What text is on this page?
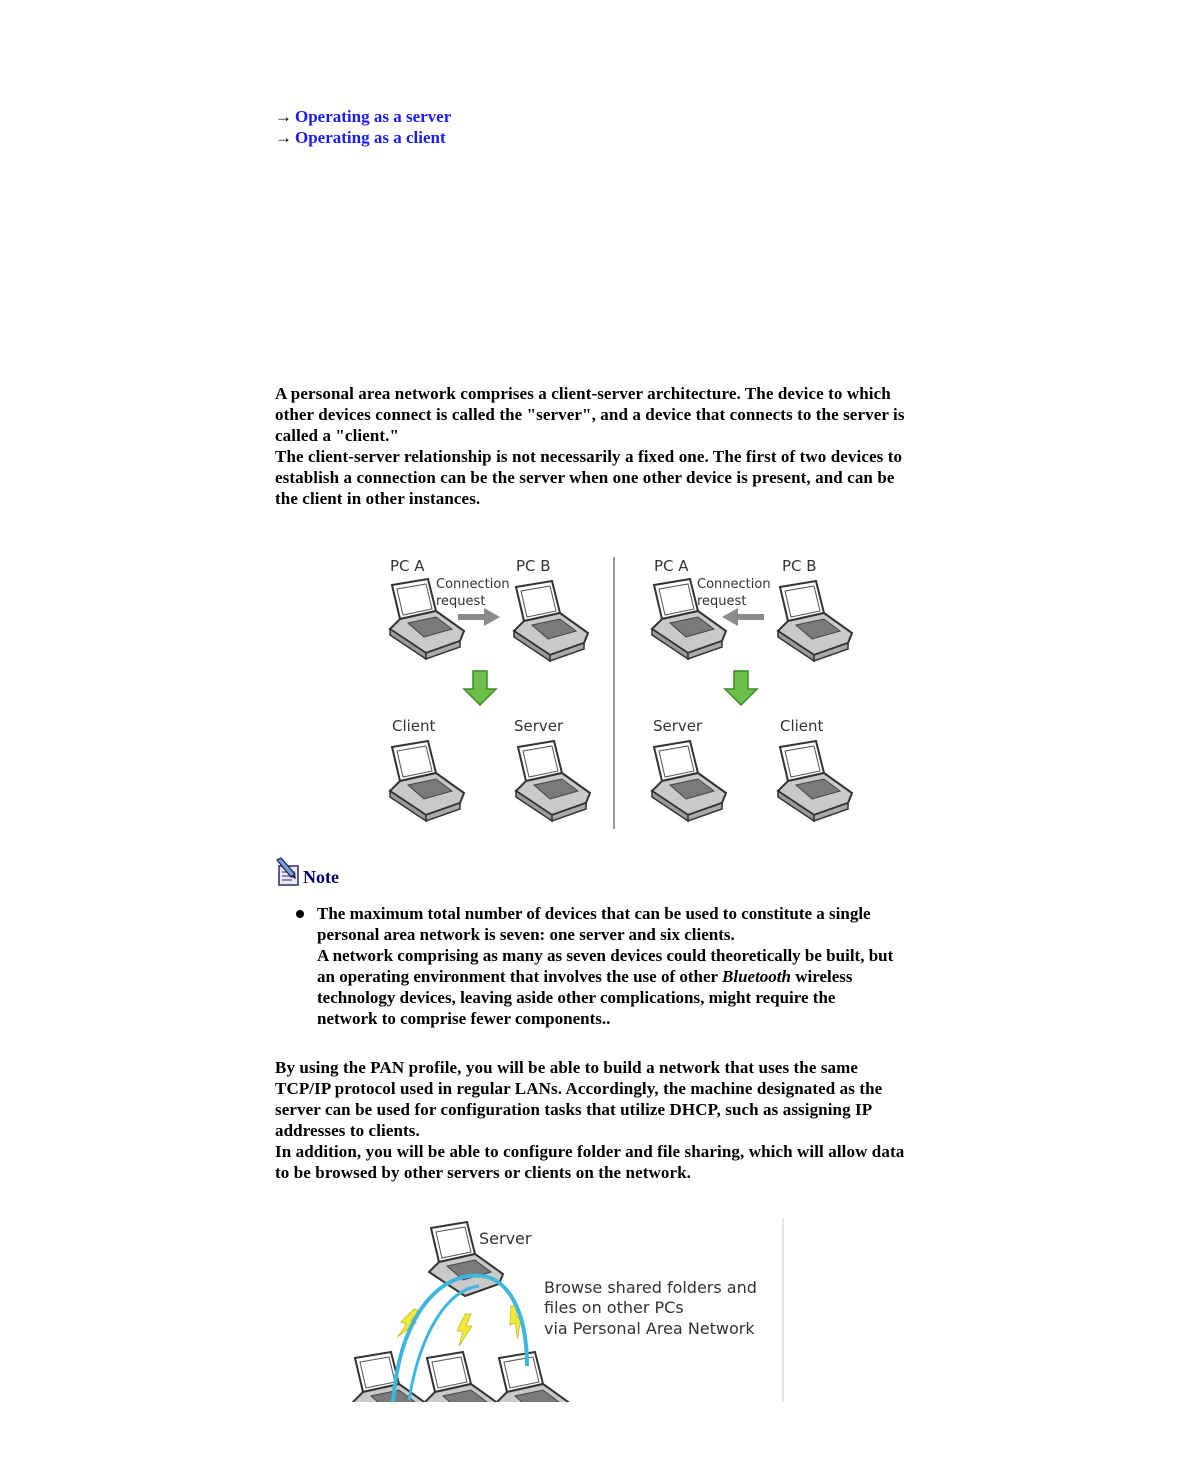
→ Operating as a server
→ Operating as a client

A personal area network comprises a client-server architecture. The device to which

other devices connect is called the "server", and a device that connects to the server is

called a "client."

The client-server relationship is not necessarily a fixed one. The first of two devices to

establish a connection can be the server when one other device is present, and can be

the client in other instances.

PC A	PC B
Connection
request
Client	Server
PC A	PC B
Connection
request
Server	Client
Note
The maximum total number of devices that can be used to constitute a single
personal area network is seven: one server and six clients.
A network comprising as many as seven devices could theoretically be built, but
an operating environment that involves the use of other Bluetooth wireless
technology devices, leaving aside other complications, might require the
network to comprise fewer components..

By using the PAN profile, you will be able to build a network that uses the same

TCP/IP protocol used in regular LANs. Accordingly, the machine designated as the

server can be used for configuration tasks that utilize DHCP, such as assigning IP

addresses to clients.

In addition, you will be able to configure folder and file sharing, which will allow data

to be browsed by other servers or clients on the network.

Server
Browse shared folders and
files on other PCs
via Personal Area Network
